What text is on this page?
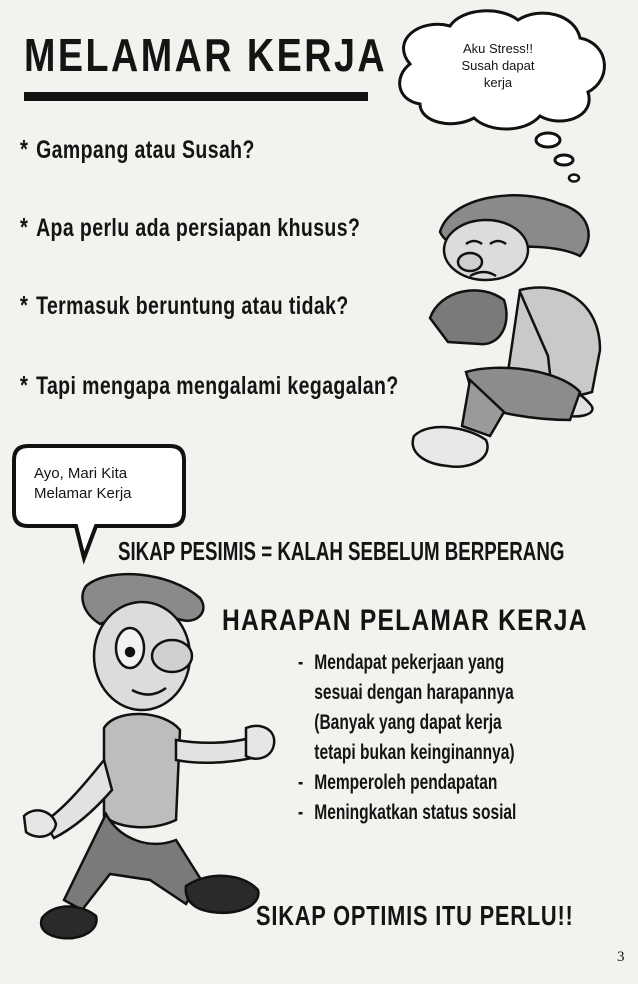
MELAMAR KERJA
* Gampang atau Susah?
* Apa perlu ada persiapan khusus?
* Termasuk beruntung atau tidak?
* Tapi mengapa mengalami kegagalan?
Aku Stress!!
Susah dapat
kerja
Ayo, Mari Kita
Melamar Kerja
SIKAP PESIMIS = KALAH SEBELUM BERPERANG
HARAPAN PELAMAR KERJA
- Mendapat pekerjaan yang
sesuai dengan harapannya
(Banyak yang dapat kerja
tetapi bukan keinginannya)
- Memperoleh pendapatan
- Meningkatkan status sosial
SIKAP OPTIMIS ITU PERLU!!
3
